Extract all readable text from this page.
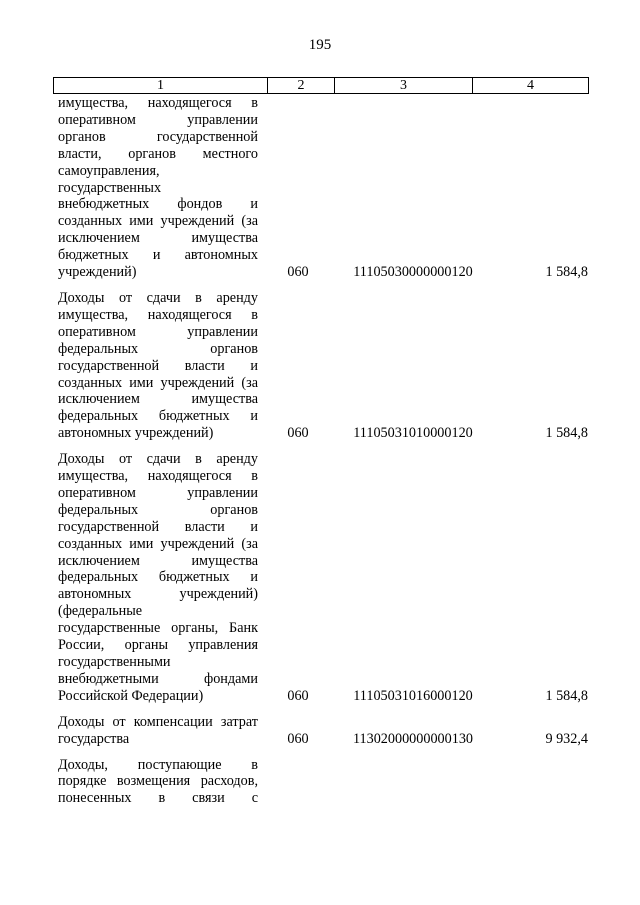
195
1	2	3	4
имущества, находящегося в
оперативном управлении
органов государственной
власти, органов местного
самоуправления,
государственных
внебюджетных фондов и
созданных ими учреждений (за
исключением имущества
бюджетных и автономных
учреждений)	060	11105030000000120	1 584,8
Доходы от сдачи в аренду
имущества, находящегося в
оперативном управлении
федеральных органов
государственной власти и
созданных ими учреждений (за
исключением имущества
федеральных бюджетных и
автономных учреждений)	060	11105031010000120	1 584,8
Доходы от сдачи в аренду
имущества, находящегося в
оперативном управлении
федеральных органов
государственной власти и
созданных ими учреждений (за
исключением имущества
федеральных бюджетных и
автономных учреждений)
(федеральные
государственные органы, Банк
России, органы управления
государственными
внебюджетными фондами
Российской Федерации)	060	11105031016000120	1 584,8
Доходы от компенсации затрат
государства	060	11302000000000130	9 932,4
Доходы, поступающие в
порядке возмещения расходов,
понесенных в связи с
